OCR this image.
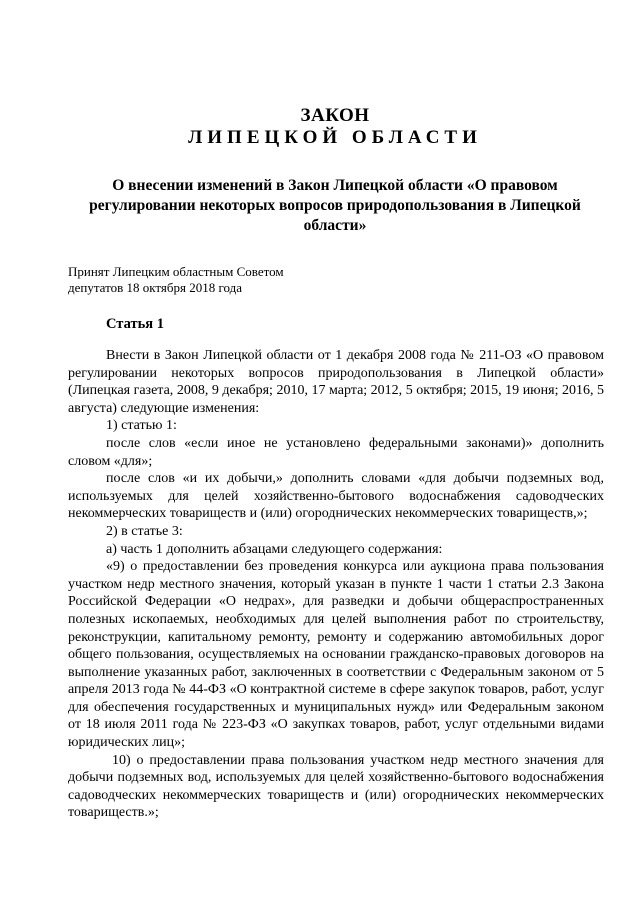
ЗАКОН
ЛИПЕЦКОЙ ОБЛАСТИ
О внесении изменений в Закон Липецкой области «О правовом регулировании некоторых вопросов природопользования в Липецкой области»
Принят Липецким областным Советом
депутатов 18 октября 2018 года
Статья 1

Внести в Закон Липецкой области от 1 декабря 2008 года № 211-ОЗ «О правовом регулировании некоторых вопросов природопользования в Липецкой области» (Липецкая газета, 2008, 9 декабря; 2010, 17 марта; 2012, 5 октября; 2015, 19 июня; 2016, 5 августа) следующие изменения:

1) статью 1:

после слов «если иное не установлено федеральными законами)» дополнить словом «для»;

после слов «и их добычи,» дополнить словами «для добычи подземных вод, используемых для целей хозяйственно-бытового водоснабжения садоводческих некоммерческих товариществ и (или) огороднических некоммерческих товариществ,»;

2) в статье 3:

а) часть 1 дополнить абзацами следующего содержания:

«9) о предоставлении без проведения конкурса или аукциона права пользования участком недр местного значения, который указан в пункте 1 части 1 статьи 2.3 Закона Российской Федерации «О недрах», для разведки и добычи общераспространенных полезных ископаемых, необходимых для целей выполнения работ по строительству, реконструкции, капитальному ремонту, ремонту и содержанию автомобильных дорог общего пользования, осуществляемых на основании гражданско-правовых договоров на выполнение указанных работ, заключенных в соответствии с Федеральным законом от 5 апреля 2013 года № 44-ФЗ «О контрактной системе в сфере закупок товаров, работ, услуг для обеспечения государственных и муниципальных нужд» или Федеральным законом от 18 июля 2011 года № 223-ФЗ «О закупках товаров, работ, услуг отдельными видами юридических лиц»;

10) о предоставлении права пользования участком недр местного значения для добычи подземных вод, используемых для целей хозяйственно-бытового водоснабжения садоводческих некоммерческих товариществ и (или) огороднических некоммерческих товариществ.»;
